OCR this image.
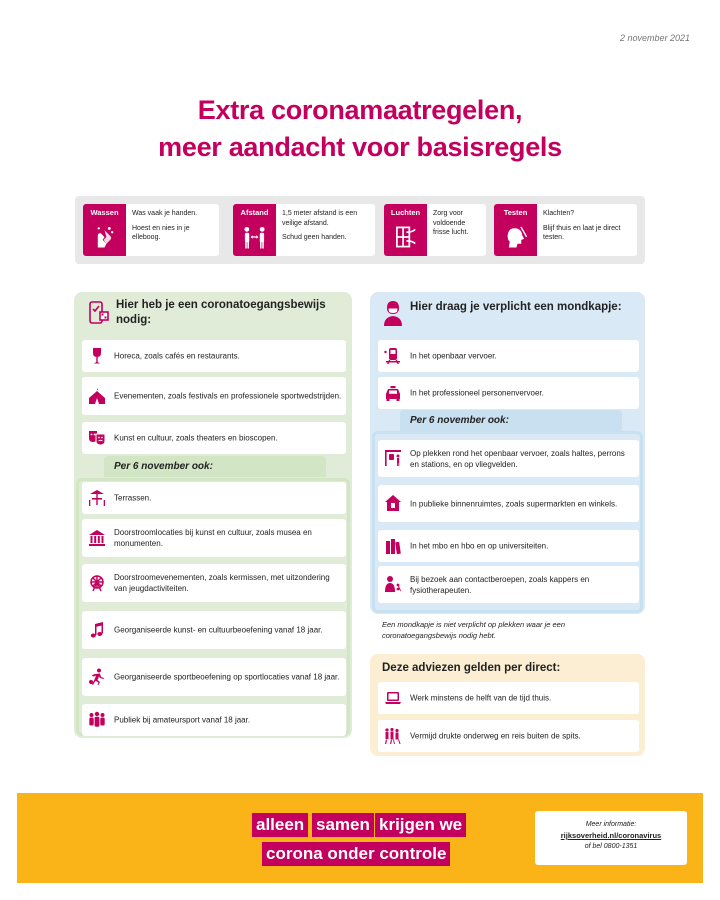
2 november 2021
Extra coronamaatregelen,
meer aandacht voor basisregels
Wassen	Was vaak je handen.

Hoest en nies in je elleboog.

Afstand	1,5 meter afstand is een veilige afstand.

Schud geen handen.

Luchten	Zorg voor voldoende frisse lucht.

Testen	Klachten?

Blijf thuis en laat je direct testen.

Hier heb je een coronatoegangsbewijs nodig:
Horeca, zoals cafés en restaurants.
Evenementen, zoals festivals en professionele sportwedstrijden.
Kunst en cultuur, zoals theaters en bioscopen.
Per 6 november ook:
Terrassen.
Doorstroomlocaties bij kunst en cultuur, zoals musea en monumenten.
Doorstroomevenementen, zoals kermissen, met uitzondering van jeugdactiviteiten.
Georganiseerde kunst- en cultuurbeoefening vanaf 18 jaar.
Georganiseerde sportbeoefening op sportlocaties vanaf 18 jaar.
Publiek bij amateursport vanaf 18 jaar.
Hier draag je verplicht een mondkapje:
In het openbaar vervoer.
In het professioneel personenvervoer.
Per 6 november ook:
Op plekken rond het openbaar vervoer, zoals haltes, perrons en stations, en op vliegvelden.
In publieke binnenruimtes, zoals supermarkten en winkels.
In het mbo en hbo en op universiteiten.
Bij bezoek aan contactberoepen, zoals kappers en fysiotherapeuten.
Een mondkapje is niet verplicht op plekken waar je een coronatoegangsbewijs nodig hebt.
Deze adviezen gelden per direct:
Werk minstens de helft van de tijd thuis.
Vermijd drukte onderweg en reis buiten de spits.
alleen samen krijgen we
corona onder controle
Meer informatie:
rijksoverheid.nl/coronavirus
of bel 0800-1351
